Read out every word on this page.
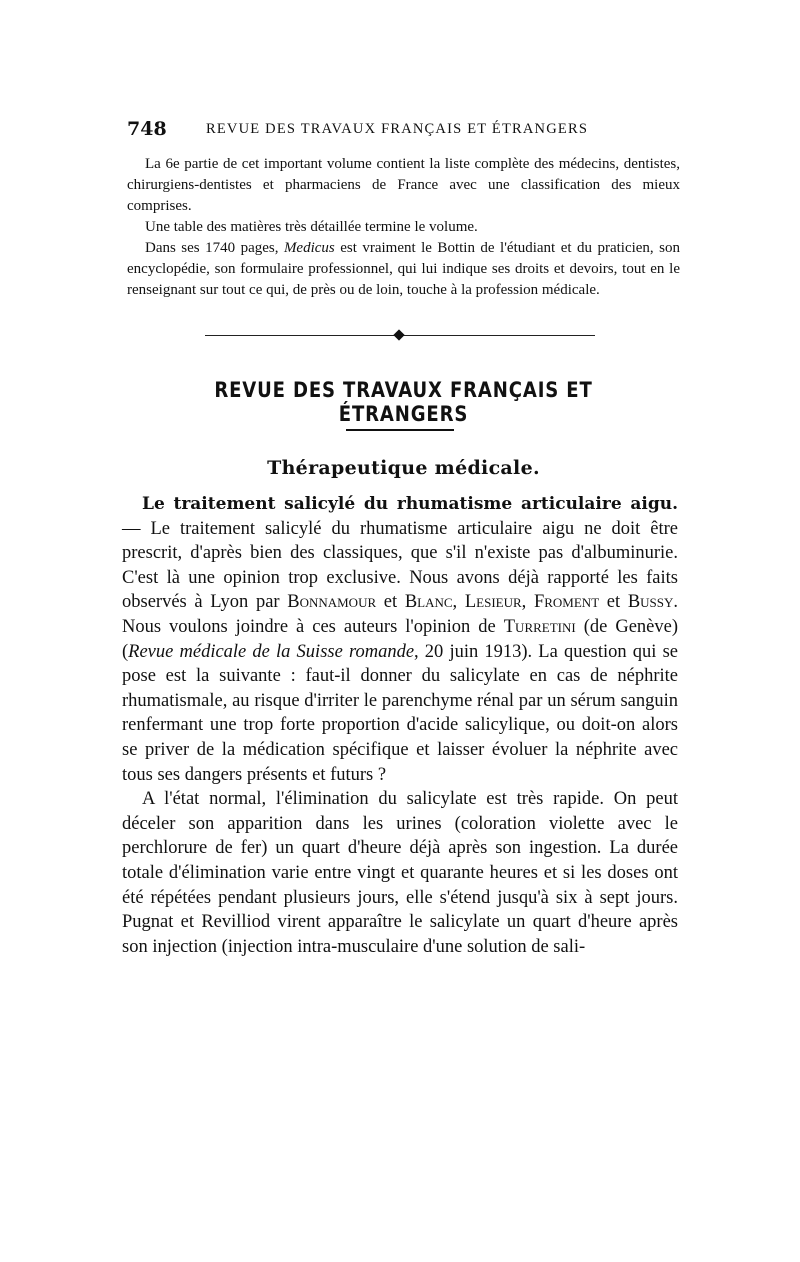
748	REVUE DES TRAVAUX FRANÇAIS ET ÉTRANGERS

La 6e partie de cet important volume contient la liste complète des médecins, dentistes, chirurgiens-dentistes et pharmaciens de France avec une classification des mieux comprises.

Une table des matières très détaillée termine le volume.

Dans ses 1740 pages, Medicus est vraiment le Bottin de l'étudiant et du praticien, son encyclopédie, son formulaire professionnel, qui lui indique ses droits et devoirs, tout en le renseignant sur tout ce qui, de près ou de loin, touche à la profession médicale.

REVUE DES TRAVAUX FRANÇAIS ET ÉTRANGERS
Thérapeutique médicale.

Le traitement salicylé du rhumatisme articulaire aigu. — Le traitement salicylé du rhumatisme articulaire aigu ne doit être prescrit, d'après bien des classiques, que s'il n'existe pas d'albuminurie. C'est là une opinion trop exclusive. Nous avons déjà rapporté les faits observés à Lyon par Bonnamour et Blanc, Lesieur, Froment et Bussy. Nous voulons joindre à ces auteurs l'opinion de Turretini (de Genève) (Revue médicale de la Suisse romande, 20 juin 1913). La question qui se pose est la suivante : faut-il donner du salicylate en cas de néphrite rhumatismale, au risque d'irriter le parenchyme rénal par un sérum sanguin renfermant une trop forte proportion d'acide salicylique, ou doit-on alors se priver de la médication spécifique et laisser évoluer la néphrite avec tous ses dangers présents et futurs ?

A l'état normal, l'élimination du salicylate est très rapide. On peut déceler son apparition dans les urines (coloration violette avec le perchlorure de fer) un quart d'heure déjà après son ingestion. La durée totale d'élimination varie entre vingt et quarante heures et si les doses ont été répétées pendant plusieurs jours, elle s'étend jusqu'à six à sept jours. Pugnat et Revilliod virent apparaître le salicylate un quart d'heure après son injection (injection intra-musculaire d'une solution de sali-
